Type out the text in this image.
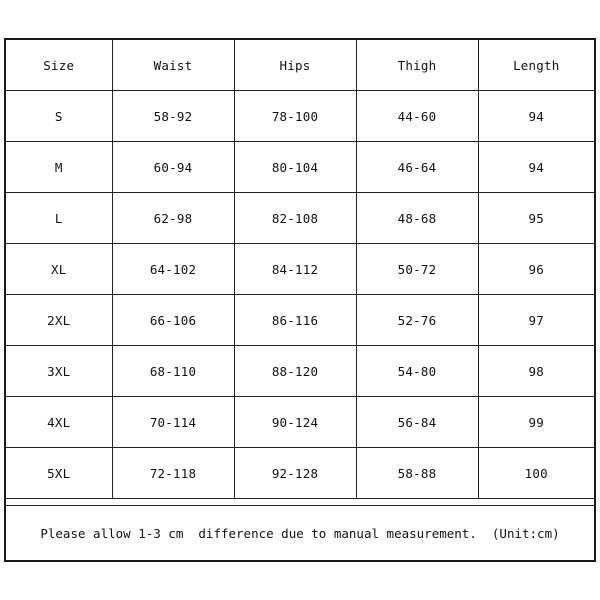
Size	Waist	Hips	Thigh	Length
S	58-92	78-100	44-60	94
M	60-94	80-104	46-64	94
L	62-98	82-108	48-68	95
XL	64-102	84-112	50-72	96
2XL	66-106	86-116	52-76	97
3XL	68-110	88-120	54-80	98
4XL	70-114	90-124	56-84	99
5XL	72-118	92-128	58-88	100
Please allow 1-3 cm  difference due to manual measurement.  (Unit:cm)
